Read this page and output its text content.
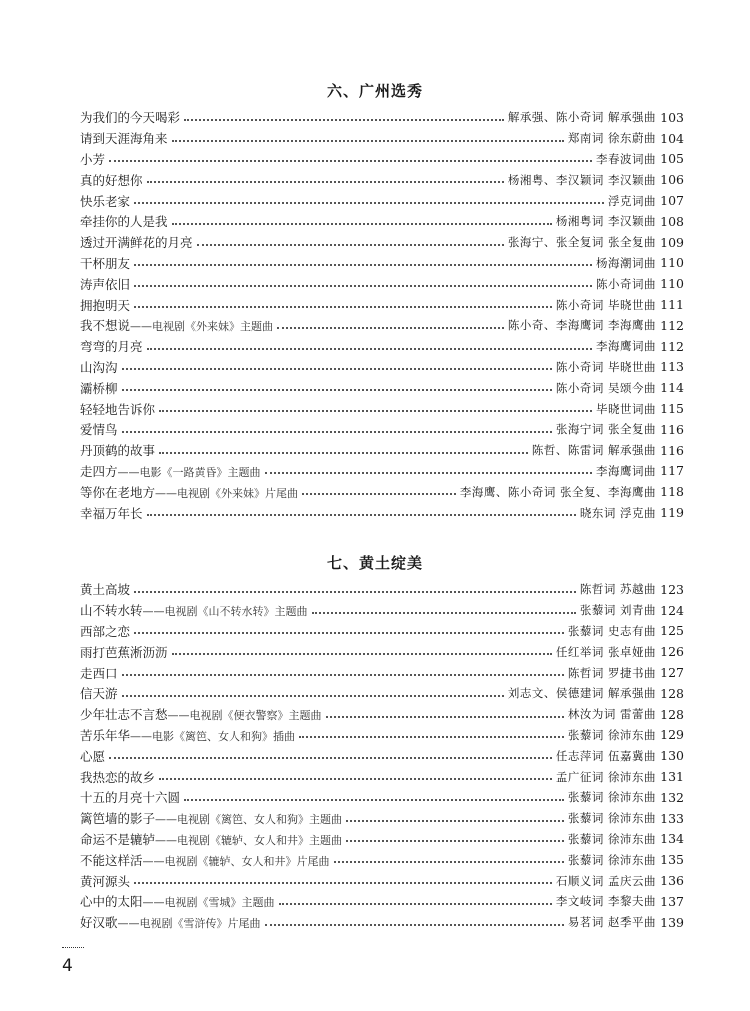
六、广州选秀
为我们的今天喝彩	解承强、陈小奇词 解承强曲 103
请到天涯海角来	郑南词 徐东蔚曲 104
小芳	李春波词曲 105
真的好想你	杨湘粤、李汉颖词 李汉颖曲 106
快乐老家	浮克词曲 107
牵挂你的人是我	杨湘粤词 李汉颖曲 108
透过开满鲜花的月亮	张海宁、张全复词 张全复曲 109
干杯朋友	杨海潮词曲 110
涛声依旧	陈小奇词曲 110
拥抱明天	陈小奇词 毕晓世曲 111
我不想说——电视剧《外来妹》主题曲	陈小奇、李海鹰词 李海鹰曲 112
弯弯的月亮	李海鹰词曲 112
山沟沟	陈小奇词 毕晓世曲 113
灞桥柳	陈小奇词 吴颂今曲 114
轻轻地告诉你	毕晓世词曲 115
爱情鸟	张海宁词 张全复曲 116
丹顶鹤的故事	陈哲、陈雷词 解承强曲 116
走四方——电影《一路黄昏》主题曲	李海鹰词曲 117
等你在老地方——电视剧《外来妹》片尾曲	李海鹰、陈小奇词 张全复、李海鹰曲 118
幸福万年长	晓东词 浮克曲 119
七、黄土绽美
黄土高坡	陈哲词 苏越曲 123
山不转水转——电视剧《山不转水转》主题曲	张藜词 刘青曲 124
西部之恋	张藜词 史志有曲 125
雨打芭蕉淅沥沥	任红举词 张卓娅曲 126
走西口	陈哲词 罗捷书曲 127
信天游	刘志文、侯德建词 解承强曲 128
少年壮志不言愁——电视剧《便衣警察》主题曲	林汝为词 雷蕾曲 128
苦乐年华——电影《篱笆、女人和狗》插曲	张藜词 徐沛东曲 129
心愿	任志萍词 伍嘉冀曲 130
我热恋的故乡	孟广征词 徐沛东曲 131
十五的月亮十六圆	张藜词 徐沛东曲 132
篱笆墙的影子——电视剧《篱笆、女人和狗》主题曲	张藜词 徐沛东曲 133
命运不是辘轳——电视剧《辘轳、女人和井》主题曲	张藜词 徐沛东曲 134
不能这样活——电视剧《辘轳、女人和井》片尾曲	张藜词 徐沛东曲 135
黄河源头	石顺义词 孟庆云曲 136
心中的太阳——电视剧《雪城》主题曲	李文岐词 李黎夫曲 137
好汉歌——电视剧《雪浒传》片尾曲	易茗词 赵季平曲 139
4
